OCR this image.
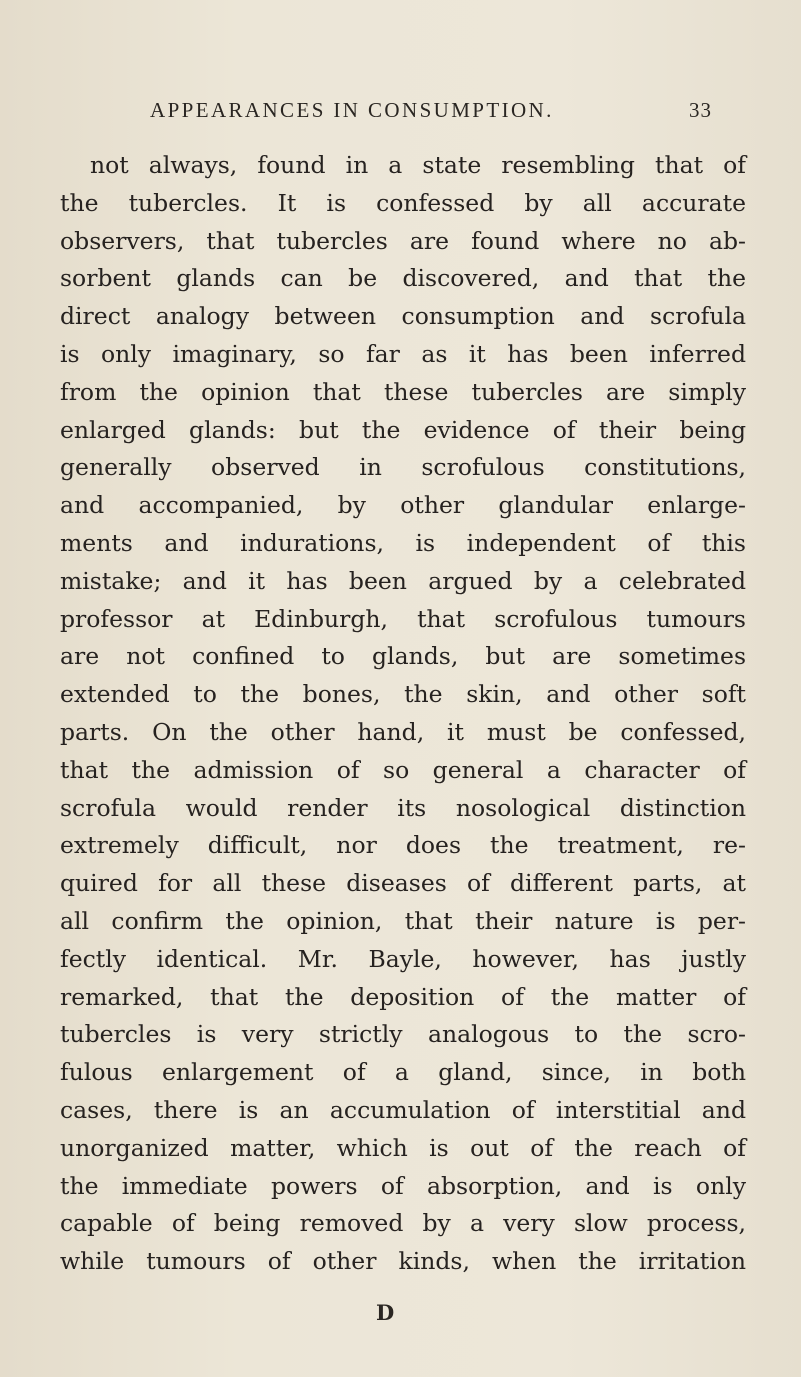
APPEARANCES IN CONSUMPTION.	33
not always, found in a state resembling that of
the tubercles. It is confessed by all accurate
observers, that tubercles are found where no ab-
sorbent glands can be discovered, and that the
direct analogy between consumption and scrofula
is only imaginary, so far as it has been inferred
from the opinion that these tubercles are simply
enlarged glands: but the evidence of their being
generally observed in scrofulous constitutions,
and accompanied, by other glandular enlarge-
ments and indurations, is independent of this
mistake; and it has been argued by a celebrated
professor at Edinburgh, that scrofulous tumours
are not confined to glands, but are sometimes
extended to the bones, the skin, and other soft
parts. On the other hand, it must be confessed,
that the admission of so general a character of
scrofula would render its nosological distinction
extremely difficult, nor does the treatment, re-
quired for all these diseases of different parts, at
all confirm the opinion, that their nature is per-
fectly identical. Mr. Bayle, however, has justly
remarked, that the deposition of the matter of
tubercles is very strictly analogous to the scro-
fulous enlargement of a gland, since, in both
cases, there is an accumulation of interstitial and
unorganized matter, which is out of the reach of
the immediate powers of absorption, and is only
capable of being removed by a very slow process,
while tumours of other kinds, when the irritation
D
